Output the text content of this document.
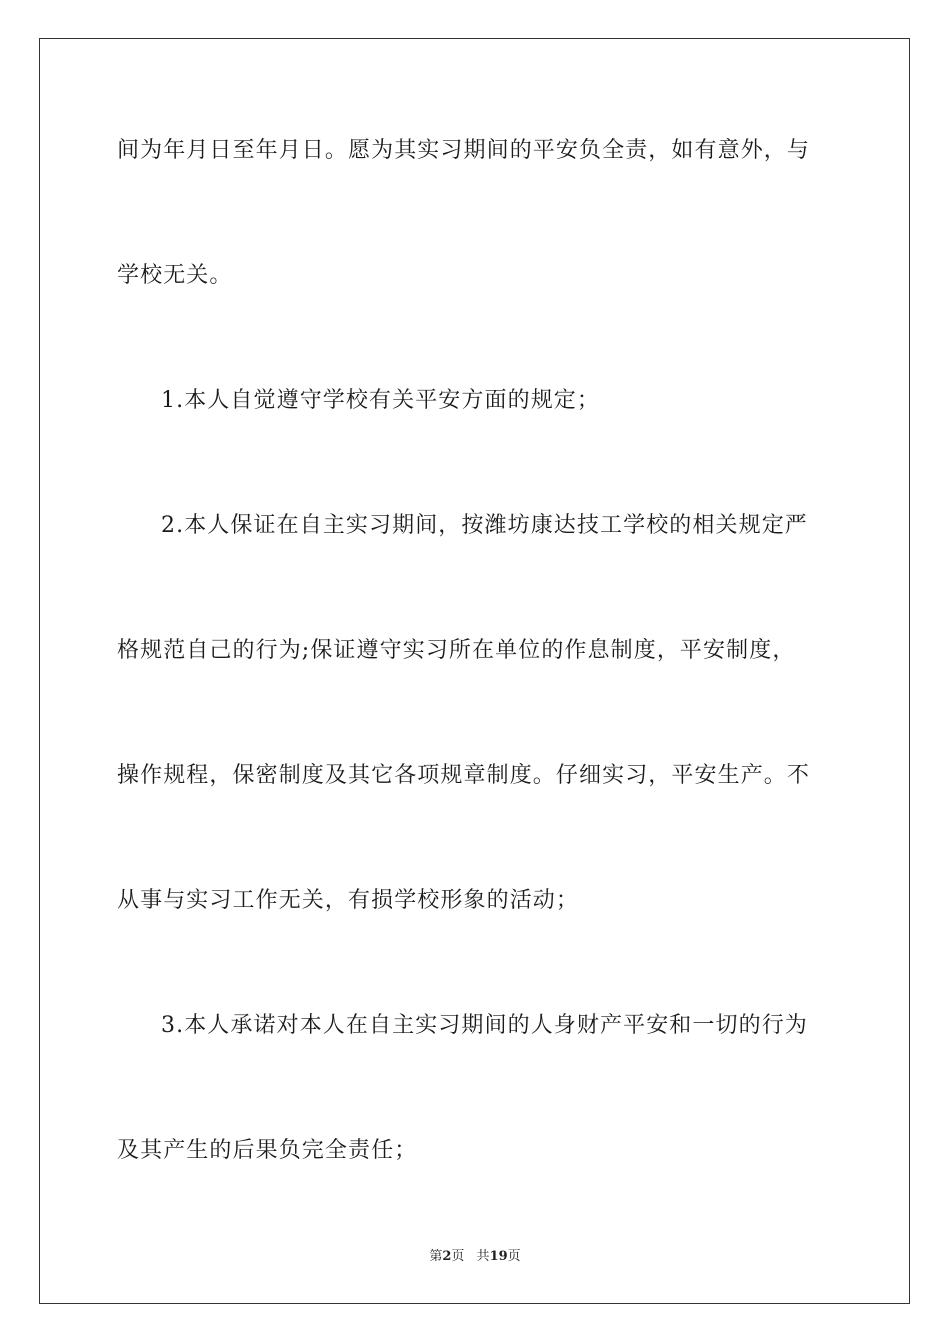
间为年月日至年月日。愿为其实习期间的平安负全责，如有意外，与
学校无关。
1.本人自觉遵守学校有关平安方面的规定；
2.本人保证在自主实习期间，按潍坊康达技工学校的相关规定严
格规范自己的行为;保证遵守实习所在单位的作息制度，平安制度，
操作规程，保密制度及其它各项规章制度。仔细实习，平安生产。不
从事与实习工作无关，有损学校形象的活动；
3.本人承诺对本人在自主实习期间的人身财产平安和一切的行为
及其产生的后果负完全责任；
第2页 共19页
